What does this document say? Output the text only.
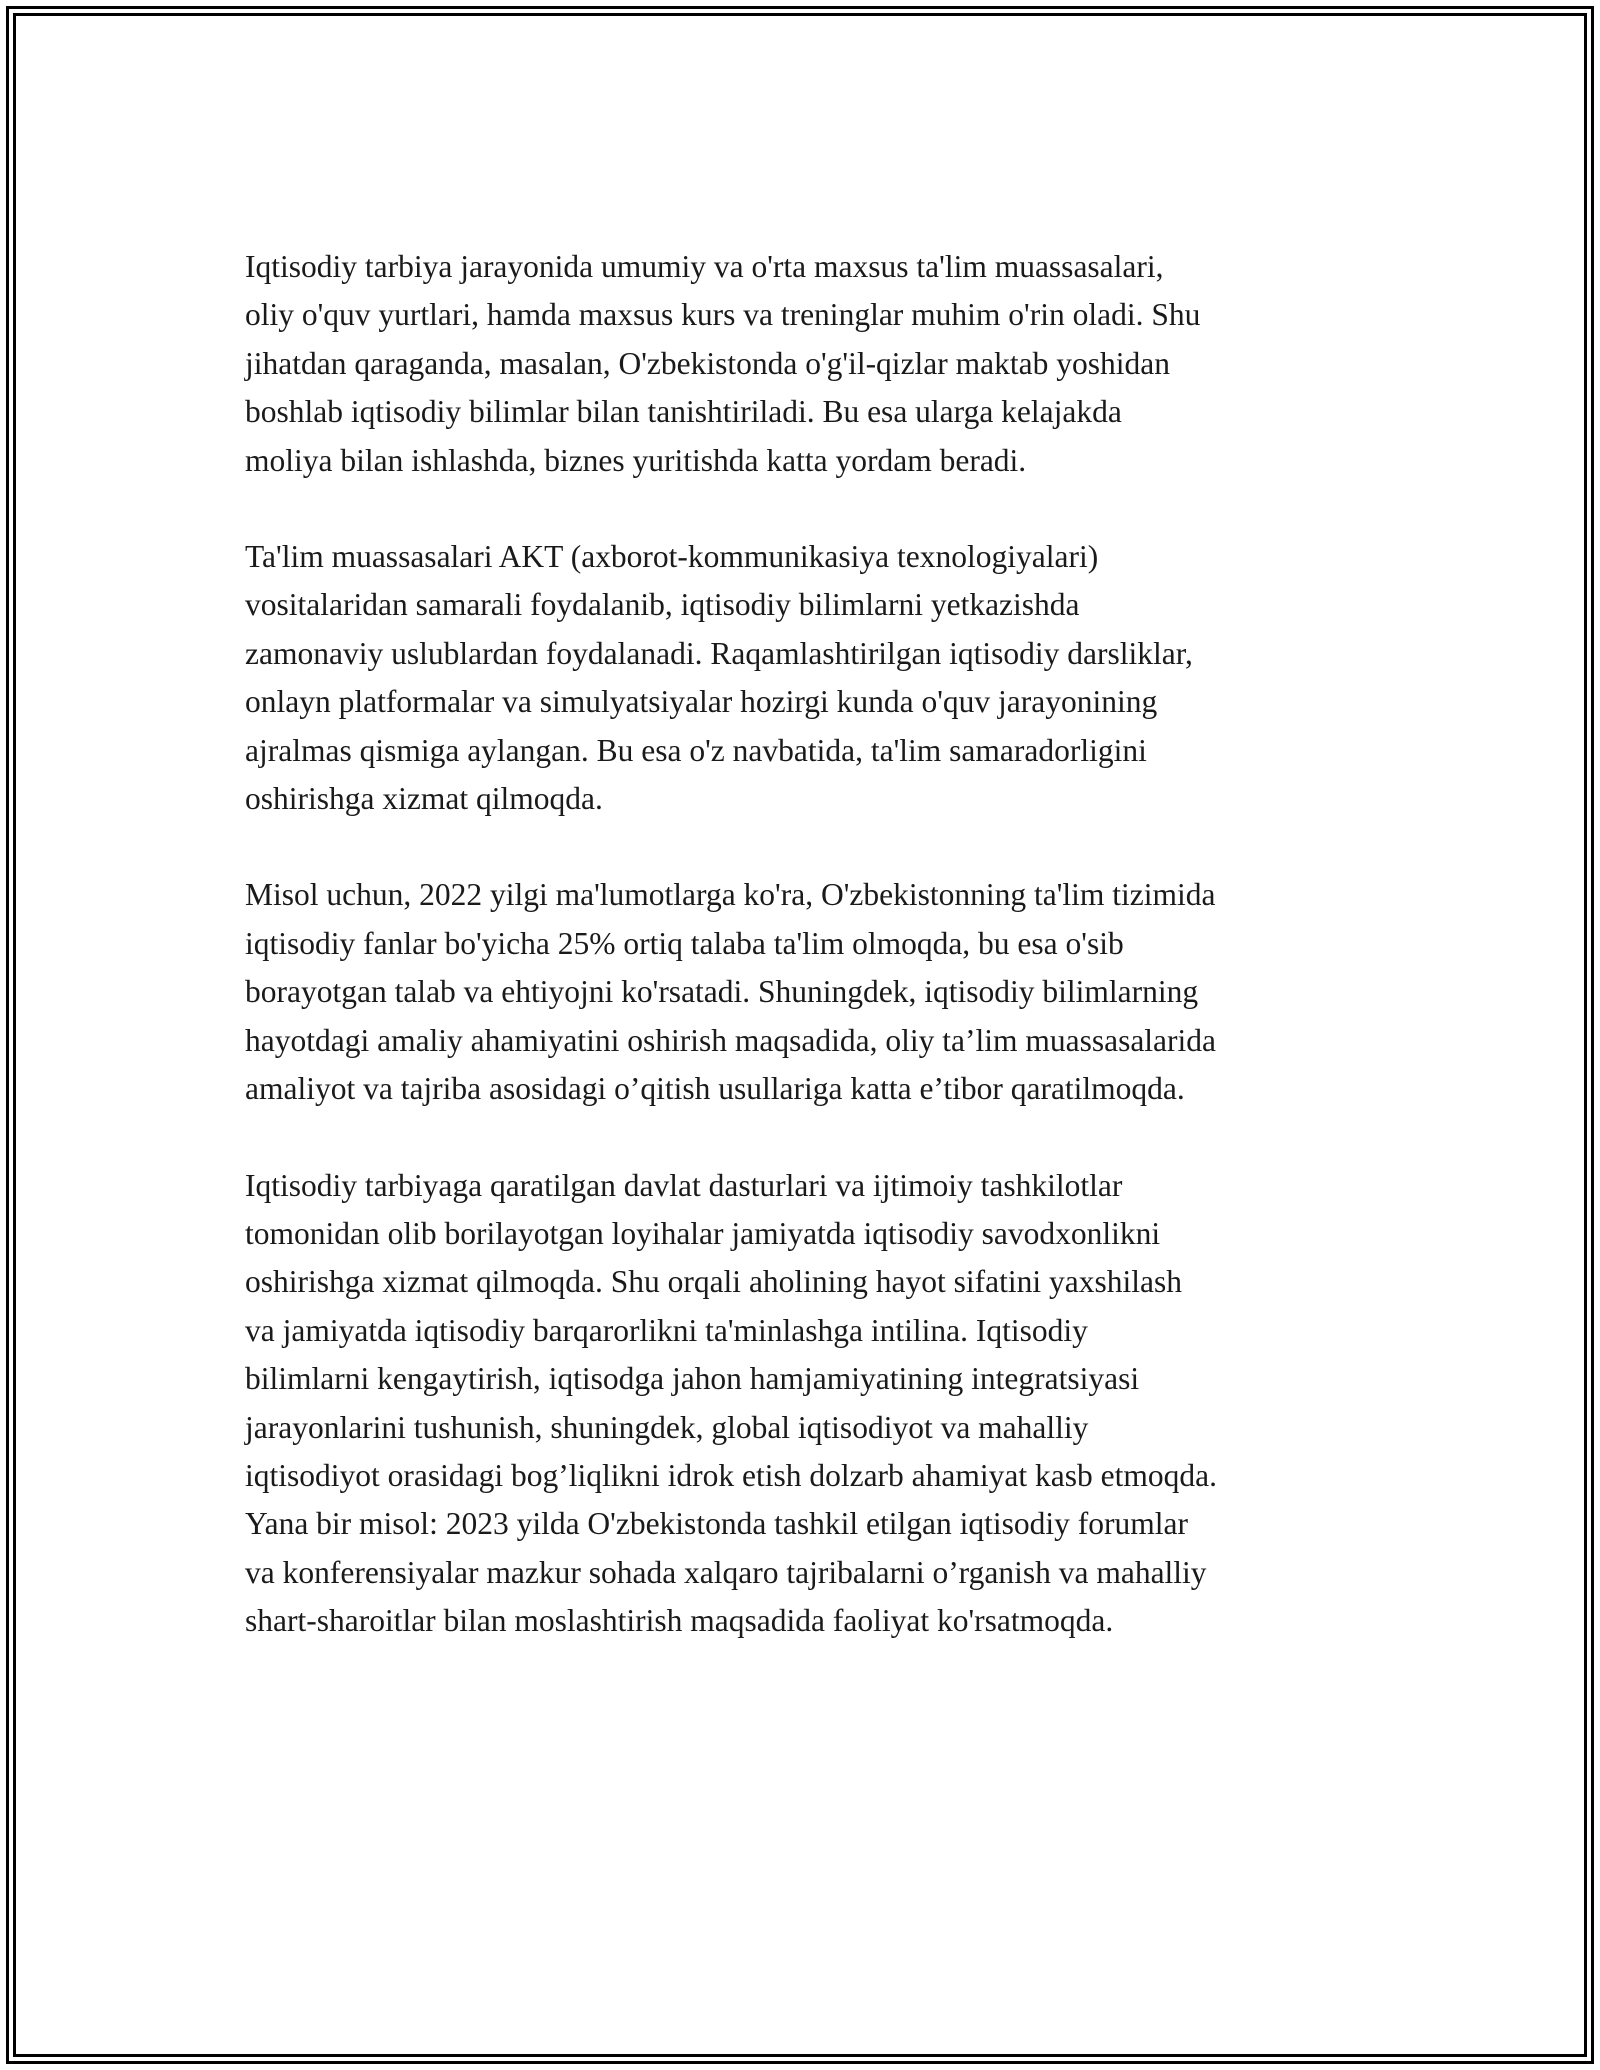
Iqtisodiy tarbiya jarayonida umumiy va o'rta maxsus ta'lim muassasalari,
oliy o'quv yurtlari, hamda maxsus kurs va treninglar muhim o'rin oladi. Shu
jihatdan qaraganda, masalan, O'zbekistonda o'g'il-qizlar maktab yoshidan
boshlab iqtisodiy bilimlar bilan tanishtiriladi. Bu esa ularga kelajakda
moliya bilan ishlashda, biznes yuritishda katta yordam beradi.

Ta'lim muassasalari AKT (axborot-kommunikasiya texnologiyalari)
vositalaridan samarali foydalanib, iqtisodiy bilimlarni yetkazishda
zamonaviy uslublardan foydalanadi. Raqamlashtirilgan iqtisodiy darsliklar,
onlayn platformalar va simulyatsiyalar hozirgi kunda o'quv jarayonining
ajralmas qismiga aylangan. Bu esa o'z navbatida, ta'lim samaradorligini
oshirishga xizmat qilmoqda.

Misol uchun, 2022 yilgi ma'lumotlarga ko'ra, O'zbekistonning ta'lim tizimida
iqtisodiy fanlar bo'yicha 25% ortiq talaba ta'lim olmoqda, bu esa o'sib
borayotgan talab va ehtiyojni ko'rsatadi. Shuningdek, iqtisodiy bilimlarning
hayotdagi amaliy ahamiyatini oshirish maqsadida, oliy ta’lim muassasalarida
amaliyot va tajriba asosidagi o’qitish usullariga katta e’tibor qaratilmoqda.

Iqtisodiy tarbiyaga qaratilgan davlat dasturlari va ijtimoiy tashkilotlar
tomonidan olib borilayotgan loyihalar jamiyatda iqtisodiy savodxonlikni
oshirishga xizmat qilmoqda. Shu orqali aholining hayot sifatini yaxshilash
va jamiyatda iqtisodiy barqarorlikni ta'minlashga intilina. Iqtisodiy
bilimlarni kengaytirish, iqtisodga jahon hamjamiyatining integratsiyasi
jarayonlarini tushunish, shuningdek, global iqtisodiyot va mahalliy
iqtisodiyot orasidagi bog’liqlikni idrok etish dolzarb ahamiyat kasb etmoqda.
Yana bir misol: 2023 yilda O'zbekistonda tashkil etilgan iqtisodiy forumlar
va konferensiyalar mazkur sohada xalqaro tajribalarni o’rganish va mahalliy
shart-sharoitlar bilan moslashtirish maqsadida faoliyat ko'rsatmoqda.
